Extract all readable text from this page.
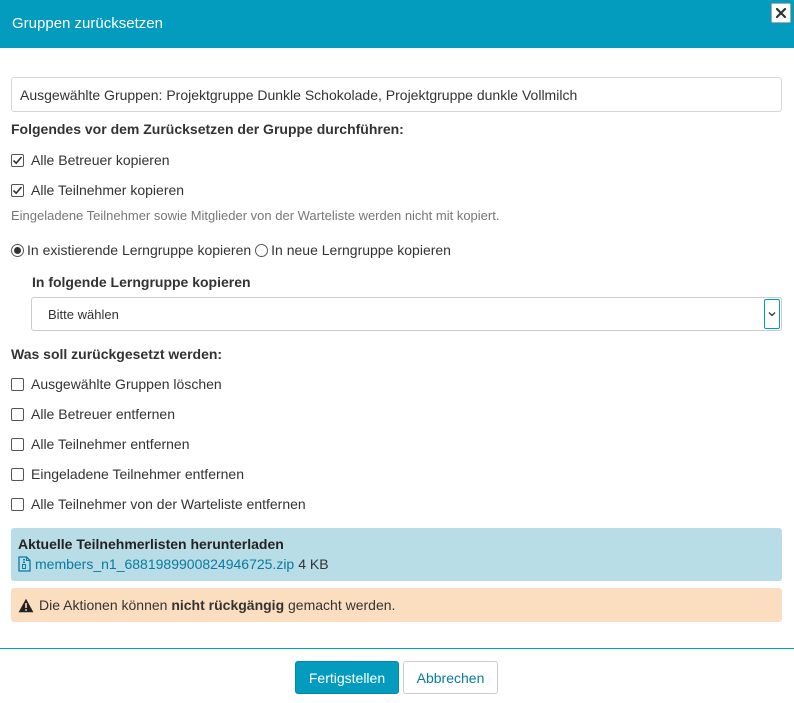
Gruppen zurücksetzen
Ausgewählte Gruppen: Projektgruppe Dunkle Schokolade, Projektgruppe dunkle Vollmilch
Folgendes vor dem Zurücksetzen der Gruppe durchführen:
Alle Betreuer kopieren
Alle Teilnehmer kopieren
Eingeladene Teilnehmer sowie Mitglieder von der Warteliste werden nicht mit kopiert.
In existierende Lerngruppe kopieren In neue Lerngruppe kopieren
In folgende Lerngruppe kopieren
Bitte wählen
Was soll zurückgesetzt werden:
Ausgewählte Gruppen löschen
Alle Betreuer entfernen
Alle Teilnehmer entfernen
Eingeladene Teilnehmer entfernen
Alle Teilnehmer von der Warteliste entfernen
Aktuelle Teilnehmerlisten herunterladen
members_n1_6881989900824946725.zip 4 KB
Die Aktionen können nicht rückgängig gemacht werden.
Fertigstellen	Abbrechen
